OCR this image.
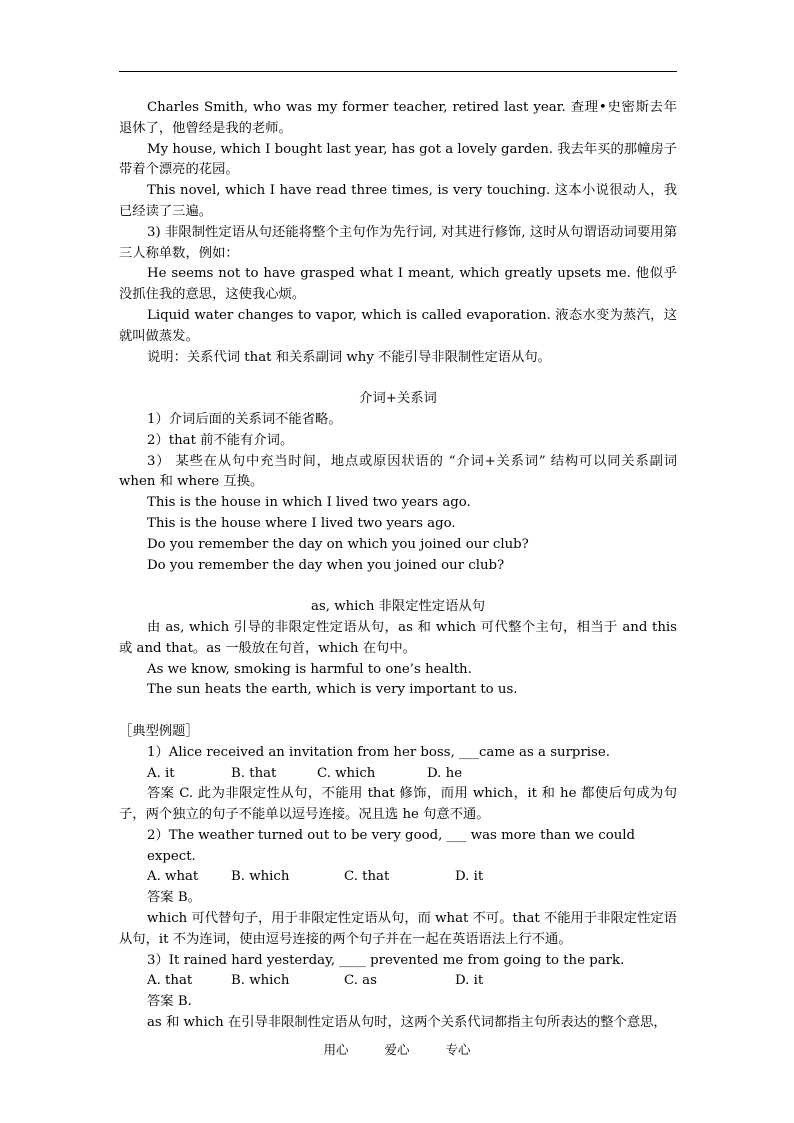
Charles Smith, who was my former teacher, retired last year. 查理•史密斯去年退休了，他曾经是我的老师。

My house, which I bought last year, has got a lovely garden. 我去年买的那幢房子带着个漂亮的花园。

This novel, which I have read three times, is very touching. 这本小说很动人，我已经读了三遍。

3) 非限制性定语从句还能将整个主句作为先行词, 对其进行修饰, 这时从句谓语动词要用第三人称单数，例如：

He seems not to have grasped what I meant, which greatly upsets me. 他似乎没抓住我的意思，这使我心烦。

Liquid water changes to vapor, which is called evaporation. 液态水变为蒸汽，这就叫做蒸发。

说明：关系代词 that 和关系副词 why 不能引导非限制性定语从句。

介词+关系词

1）介词后面的关系词不能省略。

2）that 前不能有介词。

3） 某些在从句中充当时间，地点或原因状语的 “介词+关系词” 结构可以同关系副词 when 和 where 互换。

This is the house in which I lived two years ago.

This is the house where I lived two years ago.

Do you remember the day on which you joined our club?

Do you remember the day when you joined our club?

as, which 非限定性定语从句

由 as, which 引导的非限定性定语从句，as 和 which 可代整个主句，相当于 and this 或 and that。as 一般放在句首，which 在句中。

As we know, smoking is harmful to one’s health.

The sun heats the earth, which is very important to us.

［典型例题］

1）Alice received an invitation from her boss, ___came as a surprise.

A. it	B. that	C. which	D. he

答案 C. 此为非限定性从句，不能用 that 修饰，而用 which，it 和 he 都使后句成为句子，两个独立的句子不能单以逗号连接。况且选 he 句意不通。

2）The weather turned out to be very good, ___ was more than we could expect.

A. what	B. which	C. that	D. it

答案 B。

which 可代替句子，用于非限定性定语从句，而 what 不可。that 不能用于非限定性定语从句，it 不为连词，使由逗号连接的两个句子并在一起在英语语法上行不通。

3）It rained hard yesterday, ____ prevented me from going to the park.

A. that	B. which	C. as	D. it

答案 B.

as 和 which 在引导非限制性定语从句时，这两个关系代词都指主句所表达的整个意思，

用心	爱心	专心
